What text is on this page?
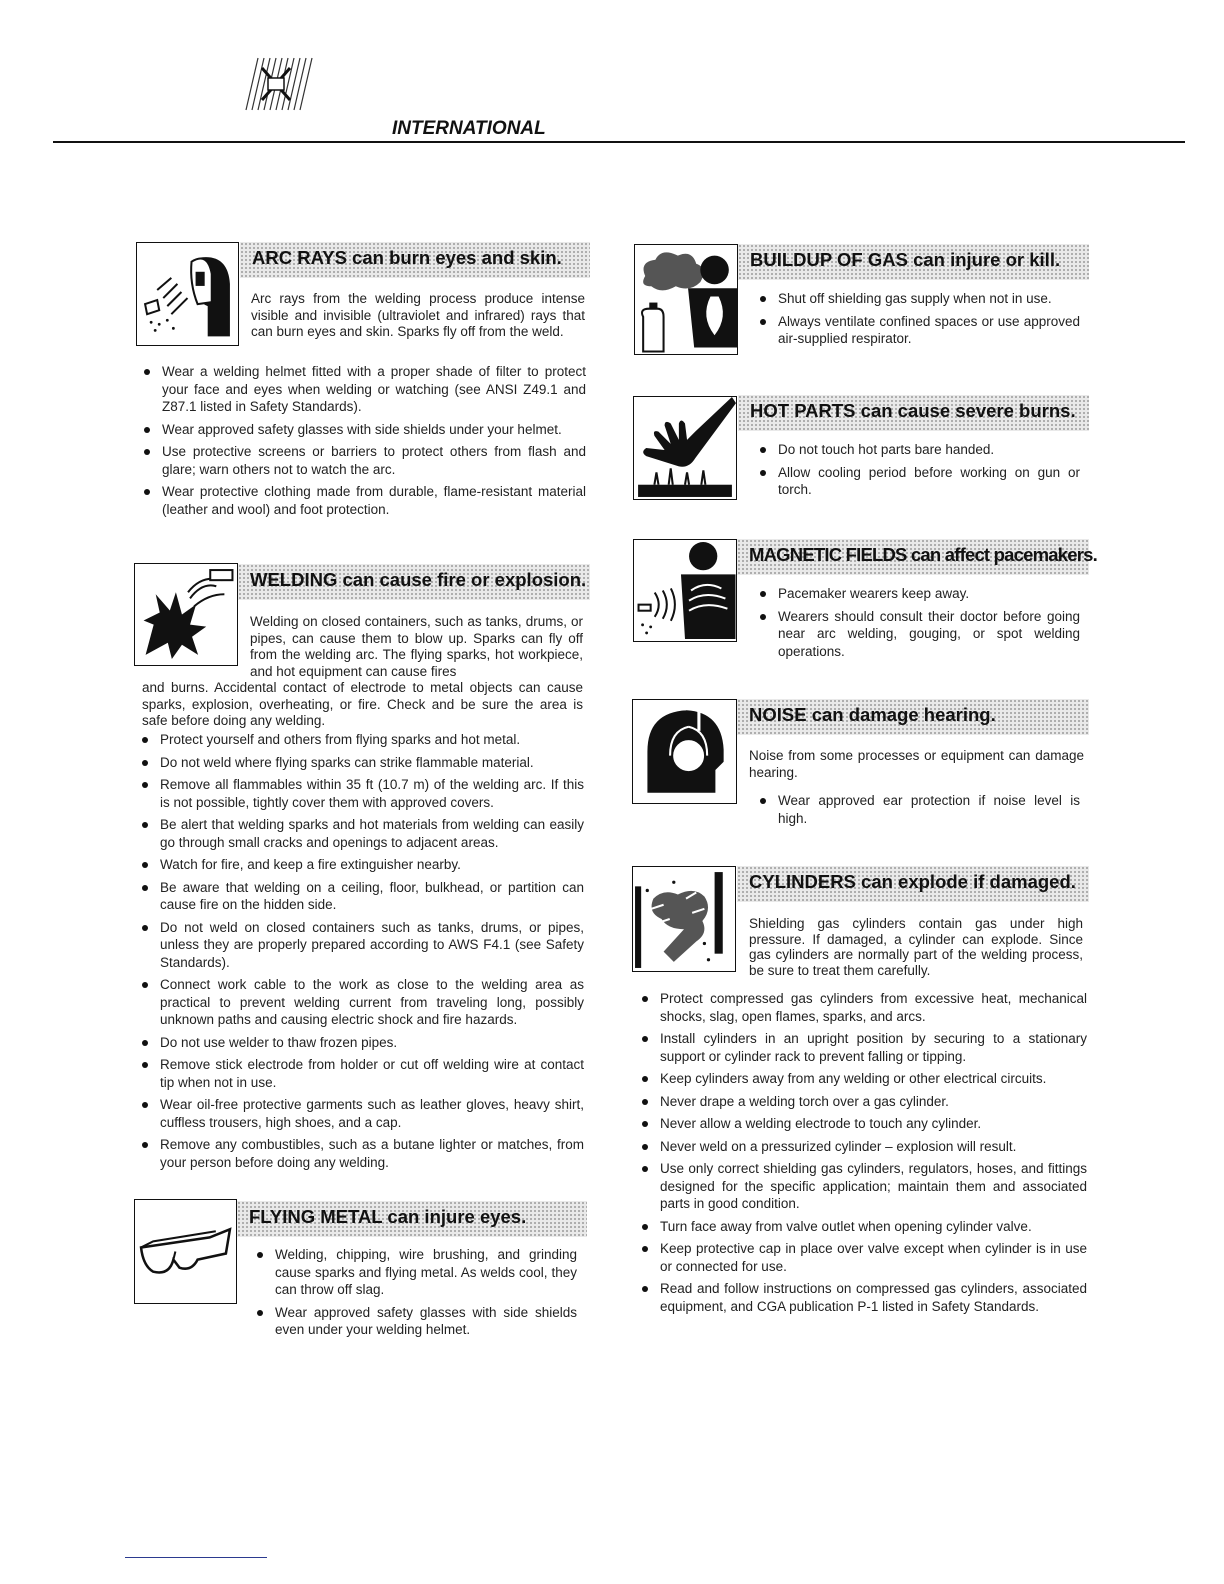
INTERNATIONAL
ARC RAYS can burn eyes and skin.
Arc rays from the welding process produce intense visible and invisible (ultraviolet and infrared) rays that can burn eyes and skin. Sparks fly off from the weld.
Wear a welding helmet fitted with a proper shade of filter to protect your face and eyes when welding or watching (see ANSI Z49.1 and Z87.1 listed in Safety Standards).
Wear approved safety glasses with side shields under your helmet.
Use protective screens or barriers to protect others from flash and glare; warn others not to watch the arc.
Wear protective clothing made from durable, flame-resistant material (leather and wool) and foot protection.
WELDING can cause fire or explosion.
Welding on closed containers, such as tanks, drums, or pipes, can cause them to blow up. Sparks can fly off from the welding arc. The flying sparks, hot workpiece, and hot equipment can cause fires
and burns. Accidental contact of electrode to metal objects can cause sparks, explosion, overheating, or fire. Check and be sure the area is safe before doing any welding.
Protect yourself and others from flying sparks and hot metal.
Do not weld where flying sparks can strike flammable material.
Remove all flammables within 35 ft (10.7 m) of the welding arc. If this is not possible, tightly cover them with approved covers.
Be alert that welding sparks and hot materials from welding can easily go through small cracks and openings to adjacent areas.
Watch for fire, and keep a fire extinguisher nearby.
Be aware that welding on a ceiling, floor, bulkhead, or partition can cause fire on the hidden side.
Do not weld on closed containers such as tanks, drums, or pipes, unless they are properly prepared according to AWS F4.1 (see Safety Standards).
Connect work cable to the work as close to the welding area as practical to prevent welding current from traveling long, possibly unknown paths and causing electric shock and fire hazards.
Do not use welder to thaw frozen pipes.
Remove stick electrode from holder or cut off welding wire at contact tip when not in use.
Wear oil-free protective garments such as leather gloves, heavy shirt, cuffless trousers, high shoes, and a cap.
Remove any combustibles, such as a butane lighter or matches, from your person before doing any welding.
FLYING METAL can injure eyes.
Welding, chipping, wire brushing, and grinding cause sparks and flying metal. As welds cool, they can throw off slag.
Wear approved safety glasses with side shields even under your welding helmet.
BUILDUP OF GAS can injure or kill.
Shut off shielding gas supply when not in use.
Always ventilate confined spaces or use approved air-supplied respirator.
HOT PARTS can cause severe burns.
Do not touch hot parts bare handed.
Allow cooling period before working on gun or torch.
MAGNETIC FIELDS can affect pacemakers.
Pacemaker wearers keep away.
Wearers should consult their doctor before going near arc welding, gouging, or spot welding operations.
NOISE can damage hearing.
Noise from some processes or equipment can damage hearing.
Wear approved ear protection if noise level is high.
CYLINDERS can explode if damaged.
Shielding gas cylinders contain gas under high pressure. If damaged, a cylinder can explode. Since gas cylinders are normally part of the welding process, be sure to treat them carefully.
Protect compressed gas cylinders from excessive heat, mechanical shocks, slag, open flames, sparks, and arcs.
Install cylinders in an upright position by securing to a stationary support or cylinder rack to prevent falling or tipping.
Keep cylinders away from any welding or other electrical circuits.
Never drape a welding torch over a gas cylinder.
Never allow a welding electrode to touch any cylinder.
Never weld on a pressurized cylinder – explosion will result.
Use only correct shielding gas cylinders, regulators, hoses, and fittings designed for the specific application; maintain them and associated parts in good condition.
Turn face away from valve outlet when opening cylinder valve.
Keep protective cap in place over valve except when cylinder is in use or connected for use.
Read and follow instructions on compressed gas cylinders, associated equipment, and CGA publication P-1 listed in Safety Standards.
